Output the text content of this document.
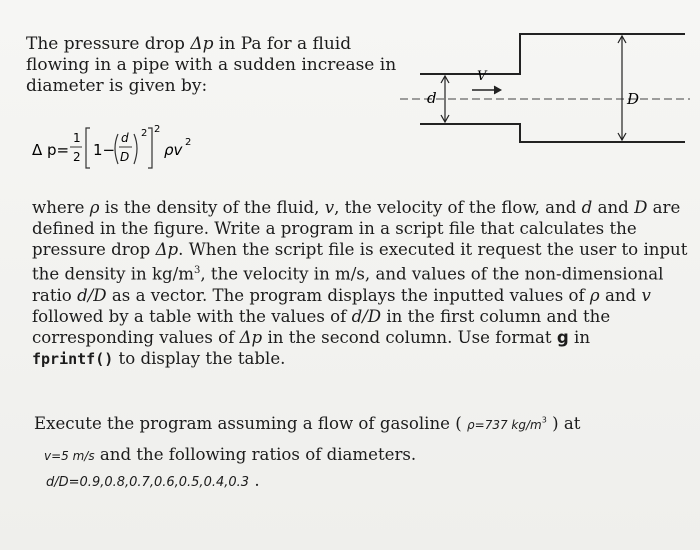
The pressure drop Δp in Pa for a fluid
flowing in a pipe with a sudden increase in
diameter is given by:
Δ p=
1
2 1−
d
D
2 2
ρv 2
d
V
D
where ρ is the density of the fluid, v, the velocity of the flow, and d and D are
defined in the figure. Write a program in a script file that calculates the
pressure drop Δp. When the script file is executed it request the user to input
the density in $kg/m^3$, the velocity in m/s, and values of the non-dimensional
ratio d/D as a vector. The program displays the inputted values of ρ and v
followed by a table with the values of d/D in the first column and the
corresponding values of Δp in the second column. Use format g in
fprintf() to display the table.
Execute the program assuming a flow of gasoline ( ρ=737 $kg/m^3$ ) at
v=5 m/s and the following ratios of diameters.
d/D=0.9,0.8,0.7,0.6,0.5,0.4,0.3 .
